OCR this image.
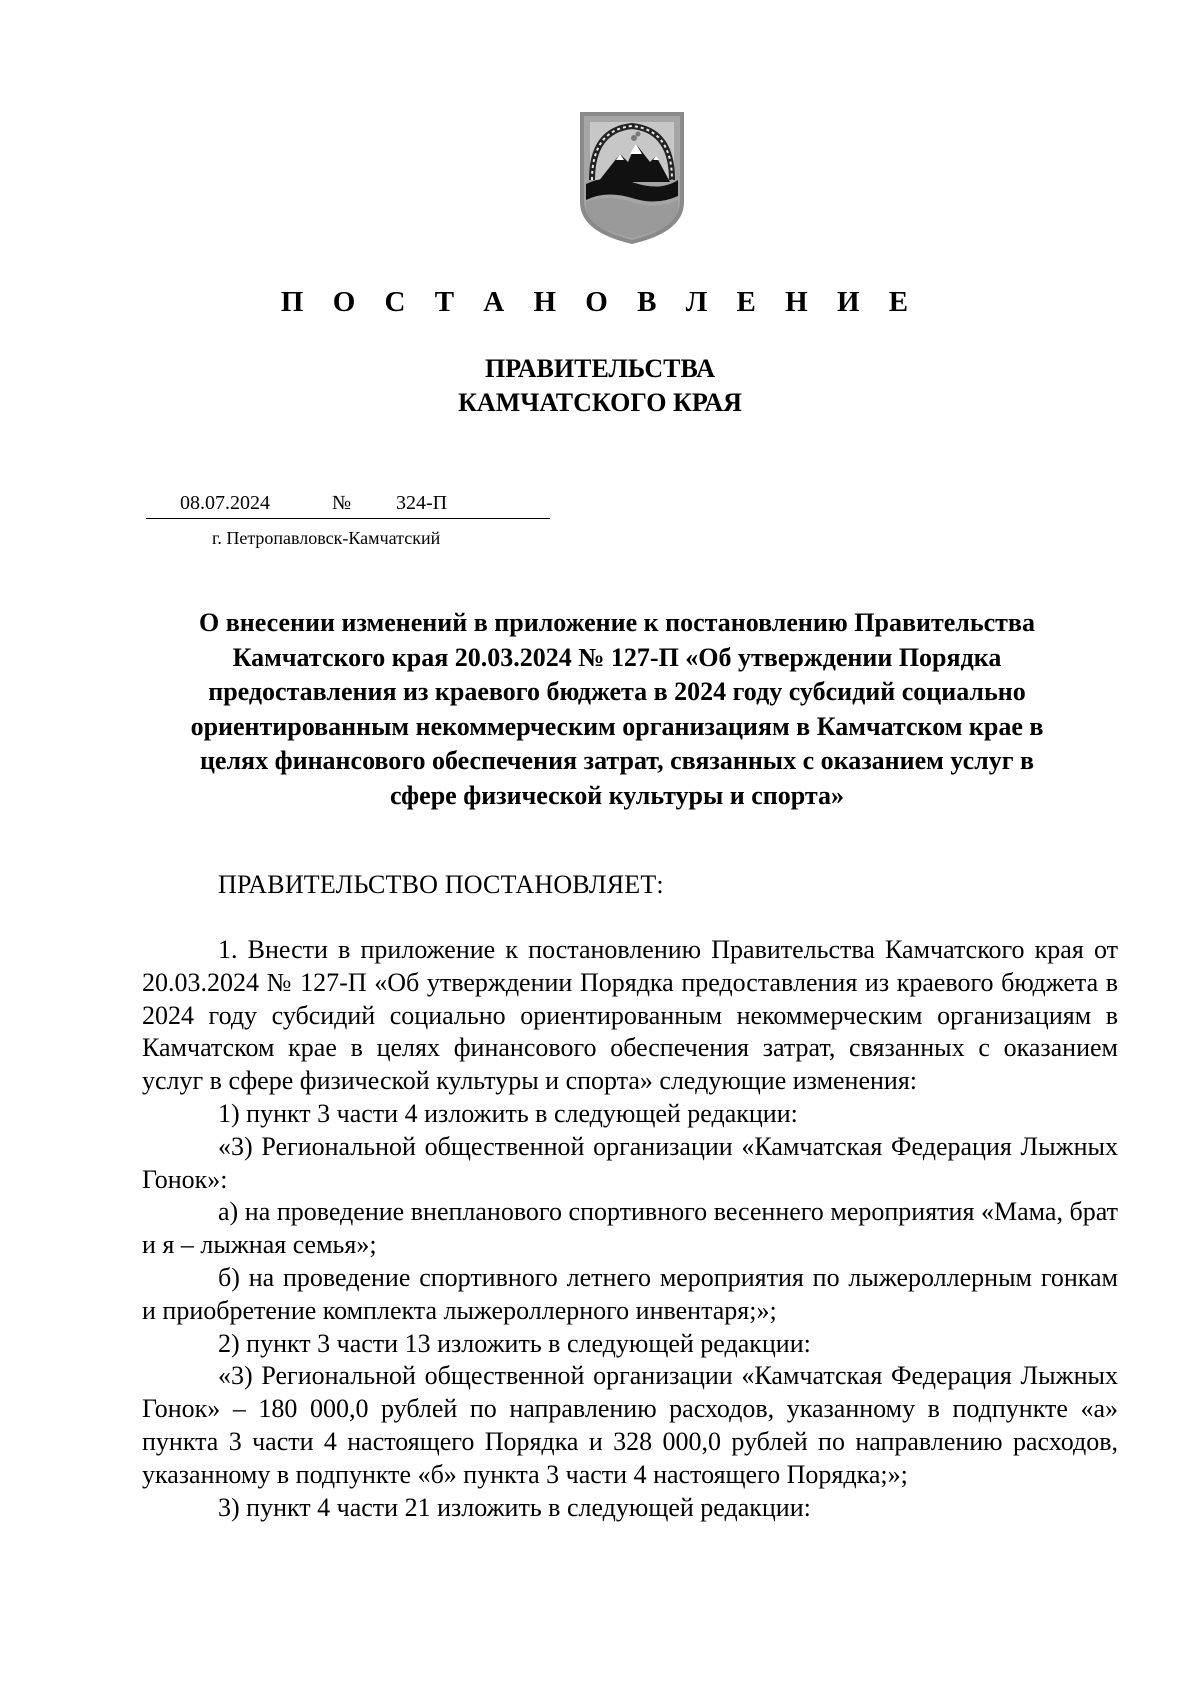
П О С Т А Н О В Л Е Н И Е
ПРАВИТЕЛЬСТВА
КАМЧАТСКОГО КРАЯ
08.07.2024	№ 324-П
г. Петропавловск-Камчатский
О внесении изменений в приложение к постановлению Правительства
Камчатского края 20.03.2024 № 127-П «Об утверждении Порядка
предоставления из краевого бюджета в 2024 году субсидий социально
ориентированным некоммерческим организациям в Камчатском крае в
целях финансового обеспечения затрат, связанных с оказанием услуг в
сфере физической культуры и спорта»
ПРАВИТЕЛЬСТВО ПОСТАНОВЛЯЕТ:

1. Внести в приложение к постановлению Правительства Камчатского края от 20.03.2024 № 127-П «Об утверждении Порядка предоставления из краевого бюджета в 2024 году субсидий социально ориентированным некоммерческим организациям в Камчатском крае в целях финансового обеспечения затрат, связанных с оказанием услуг в сфере физической культуры и спорта» следующие изменения:

1) пункт 3 части 4 изложить в следующей редакции:

«3) Региональной общественной организации «Камчатская Федерация Лыжных Гонок»:

а) на проведение внепланового спортивного весеннего мероприятия «Мама, брат и я – лыжная семья»;

б) на проведение спортивного летнего мероприятия по лыжероллерным гонкам и приобретение комплекта лыжероллерного инвентаря;»;

2) пункт 3 части 13 изложить в следующей редакции:

«3) Региональной общественной организации «Камчатская Федерация Лыжных Гонок» – 180 000,0 рублей по направлению расходов, указанному в подпункте «а» пункта 3 части 4 настоящего Порядка и 328 000,0 рублей по направлению расходов, указанному в подпункте «б» пункта 3 части 4 настоящего Порядка;»;

3) пункт 4 части 21 изложить в следующей редакции:
